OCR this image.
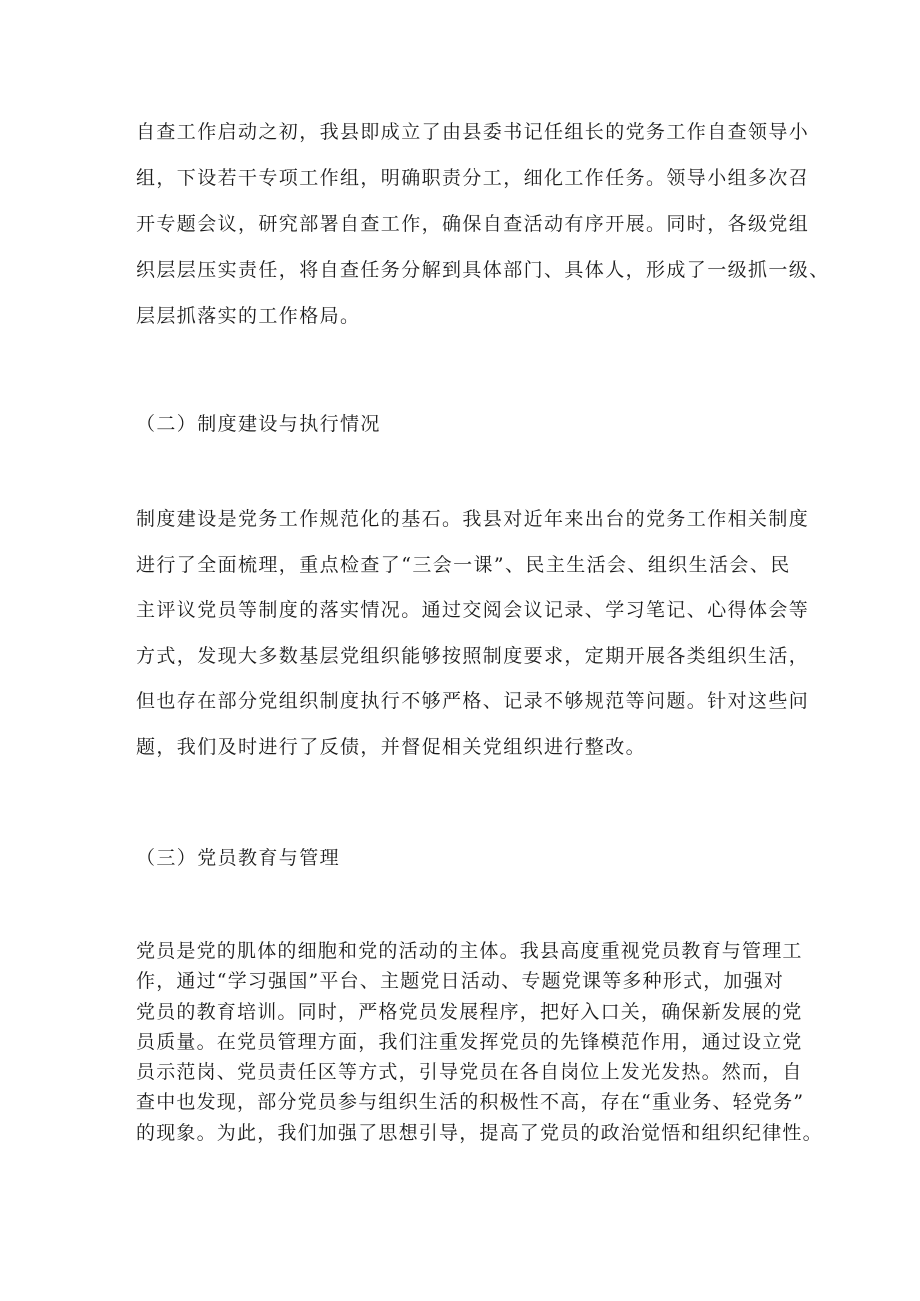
自查工作启动之初，我县即成立了由县委书记任组长的党务工作自查领导小
组，下设若干专项工作组，明确职责分工，细化工作任务。领导小组多次召
开专题会议，研究部署自查工作，确保自查活动有序开展。同时，各级党组
织层层压实责任，将自查任务分解到具体部门、具体人，形成了一级抓一级、
层层抓落实的工作格局。
（二）制度建设与执行情况
制度建设是党务工作规范化的基石。我县对近年来出台的党务工作相关制度
进行了全面梳理，重点检查了“三会一课”、民主生活会、组织生活会、民
主评议党员等制度的落实情况。通过交阅会议记录、学习笔记、心得体会等
方式，发现大多数基层党组织能够按照制度要求，定期开展各类组织生活，
但也存在部分党组织制度执行不够严格、记录不够规范等问题。针对这些问
题，我们及时进行了反债，并督促相关党组织进行整改。
（三）党员教育与管理
党员是党的肌体的细胞和党的活动的主体。我县高度重视党员教育与管理工
作，通过“学习强国”平台、主题党日活动、专题党课等多种形式，加强对
党员的教育培训。同时，严格党员发展程序，把好入口关，确保新发展的党
员质量。在党员管理方面，我们注重发挥党员的先锋模范作用，通过设立党
员示范岗、党员责任区等方式，引导党员在各自岗位上发光发热。然而，自
查中也发现，部分党员参与组织生活的积极性不高，存在“重业务、轻党务”
的现象。为此，我们加强了思想引导，提高了党员的政治觉悟和组织纪律性。
